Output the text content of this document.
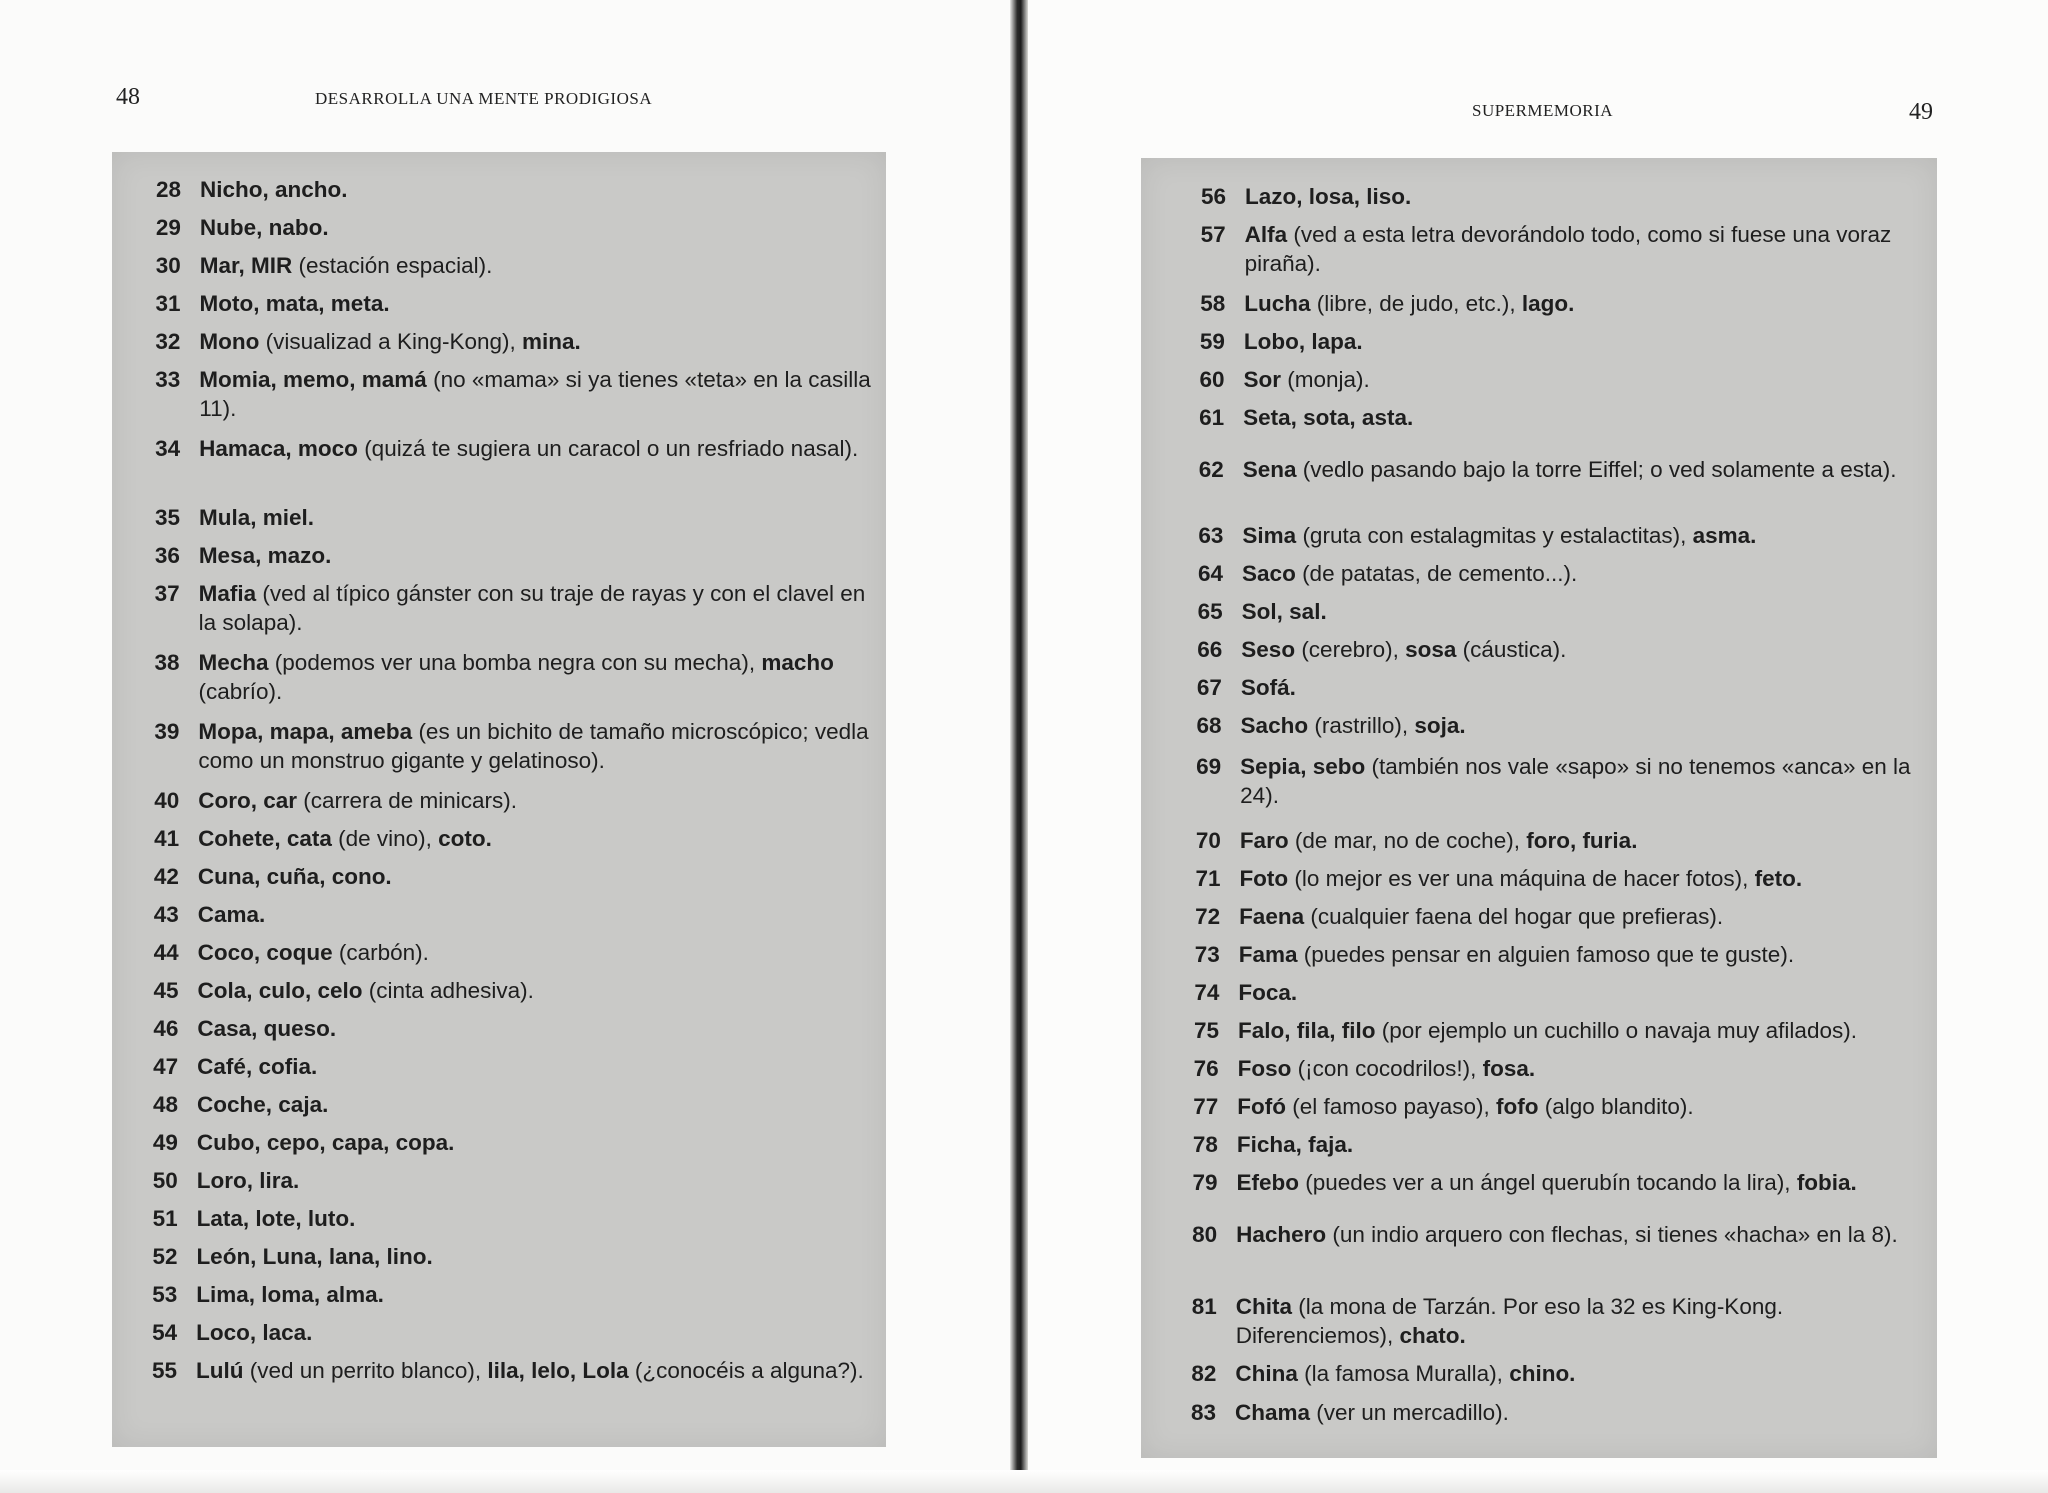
48	DESARROLLA UNA MENTE PRODIGIOSA
SUPERMEMORIA	49
28 Nicho, ancho.
29 Nube, nabo.
30 Mar, MIR (estación espacial).
31 Moto, mata, meta.
32 Mono (visualizad a King-Kong), mina.
33 Momia, memo, mamá (no «mama» si ya tienes «teta» en la casilla 11).
34 Hamaca, moco (quizá te sugiera un caracol o un resfriado nasal).
35 Mula, miel.
36 Mesa, mazo.
37 Mafia (ved al típico gánster con su traje de rayas y con el clavel en la solapa).
38 Mecha (podemos ver una bomba negra con su mecha), macho (cabrío).
39 Mopa, mapa, ameba (es un bichito de tamaño microscópico; vedla como un monstruo gigante y gelatinoso).
40 Coro, car (carrera de minicars).
41 Cohete, cata (de vino), coto.
42 Cuna, cuña, cono.
43 Cama.
44 Coco, coque (carbón).
45 Cola, culo, celo (cinta adhesiva).
46 Casa, queso.
47 Café, cofia.
48 Coche, caja.
49 Cubo, cepo, capa, copa.
50 Loro, lira.
51 Lata, lote, luto.
52 León, Luna, lana, lino.
53 Lima, loma, alma.
54 Loco, laca.
55 Lulú (ved un perrito blanco), lila, lelo, Lola (¿conocéis a alguna?).
56 Lazo, losa, liso.
57 Alfa (ved a esta letra devorándolo todo, como si fuese una voraz piraña).
58 Lucha (libre, de judo, etc.), lago.
59 Lobo, lapa.
60 Sor (monja).
61 Seta, sota, asta.
62 Sena (vedlo pasando bajo la torre Eiffel; o ved solamente a esta).
63 Sima (gruta con estalagmitas y estalactitas), asma.
64 Saco (de patatas, de cemento...).
65 Sol, sal.
66 Seso (cerebro), sosa (cáustica).
67 Sofá.
68 Sacho (rastrillo), soja.
69 Sepia, sebo (también nos vale «sapo» si no tenemos «anca» en la 24).
70 Faro (de mar, no de coche), foro, furia.
71 Foto (lo mejor es ver una máquina de hacer fotos), feto.
72 Faena (cualquier faena del hogar que prefieras).
73 Fama (puedes pensar en alguien famoso que te guste).
74 Foca.
75 Falo, fila, filo (por ejemplo un cuchillo o navaja muy afilados).
76 Foso (¡con cocodrilos!), fosa.
77 Fofó (el famoso payaso), fofo (algo blandito).
78 Ficha, faja.
79 Efebo (puedes ver a un ángel querubín tocando la lira), fobia.
80 Hachero (un indio arquero con flechas, si tienes «hacha» en la 8).
81 Chita (la mona de Tarzán. Por eso la 32 es King-Kong. Diferenciemos), chato.
82 China (la famosa Muralla), chino.
83 Chama (ver un mercadillo).
